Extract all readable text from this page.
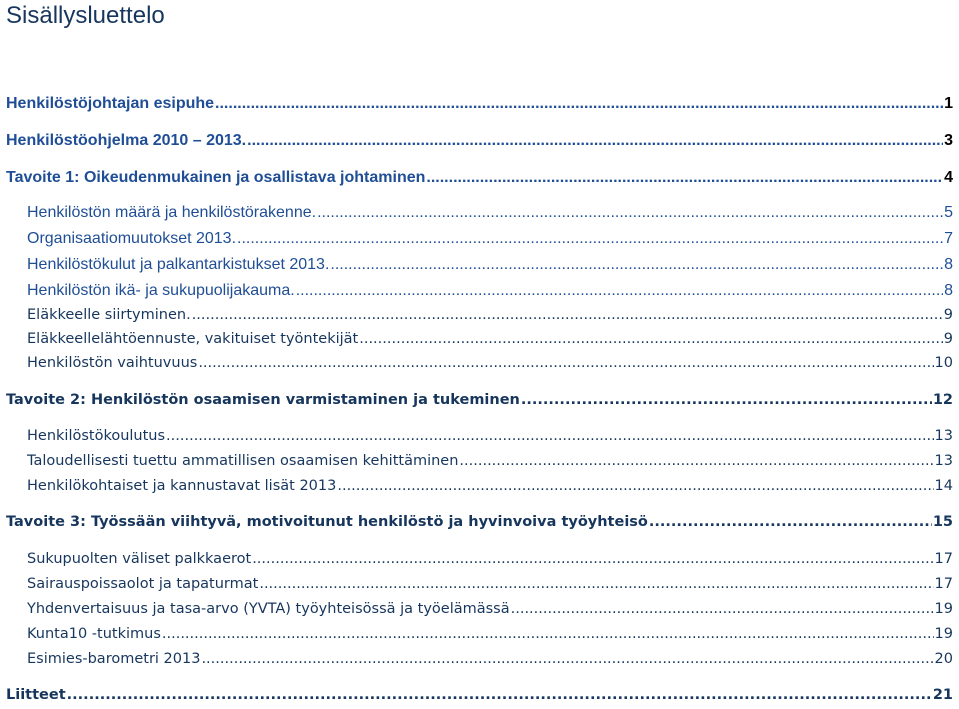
Sisällysluettelo
Henkilöstöjohtajan esipuhe .....	1
Henkilöstöohjelma 2010 – 2013. .....	3
Tavoite 1: Oikeudenmukainen ja osallistava johtaminen .....	4
Henkilöstön määrä ja henkilöstörakenne. .....	5
Organisaatiomuutokset 2013. .....	7
Henkilöstökulut ja palkantarkistukset 2013. .....	8
Henkilöstön ikä- ja sukupuolijakauma. .....	8
Eläkkeelle siirtyminen. .....	9
Eläkkeellelähtöennuste, vakituiset työntekijät .....	9
Henkilöstön vaihtuvuus .....	10
Tavoite 2: Henkilöstön osaamisen varmistaminen ja tukeminen .....	12
Henkilöstökoulutus .....	13
Taloudellisesti tuettu ammatillisen osaamisen kehittäminen .....	13
Henkilökohtaiset ja kannustavat lisät 2013 .....	14
Tavoite 3: Työssään viihtyvä, motivoitunut henkilöstö ja hyvinvoiva työyhteisö .....	15
Sukupuolten väliset palkkaerot .....	17
Sairauspoissaolot ja tapaturmat .....	17
Yhdenvertaisuus ja tasa-arvo (YVTA) työyhteisössä ja työelämässä .....	19
Kunta10 -tutkimus .....	19
Esimies-barometri 2013 .....	20
Liitteet .....	21
